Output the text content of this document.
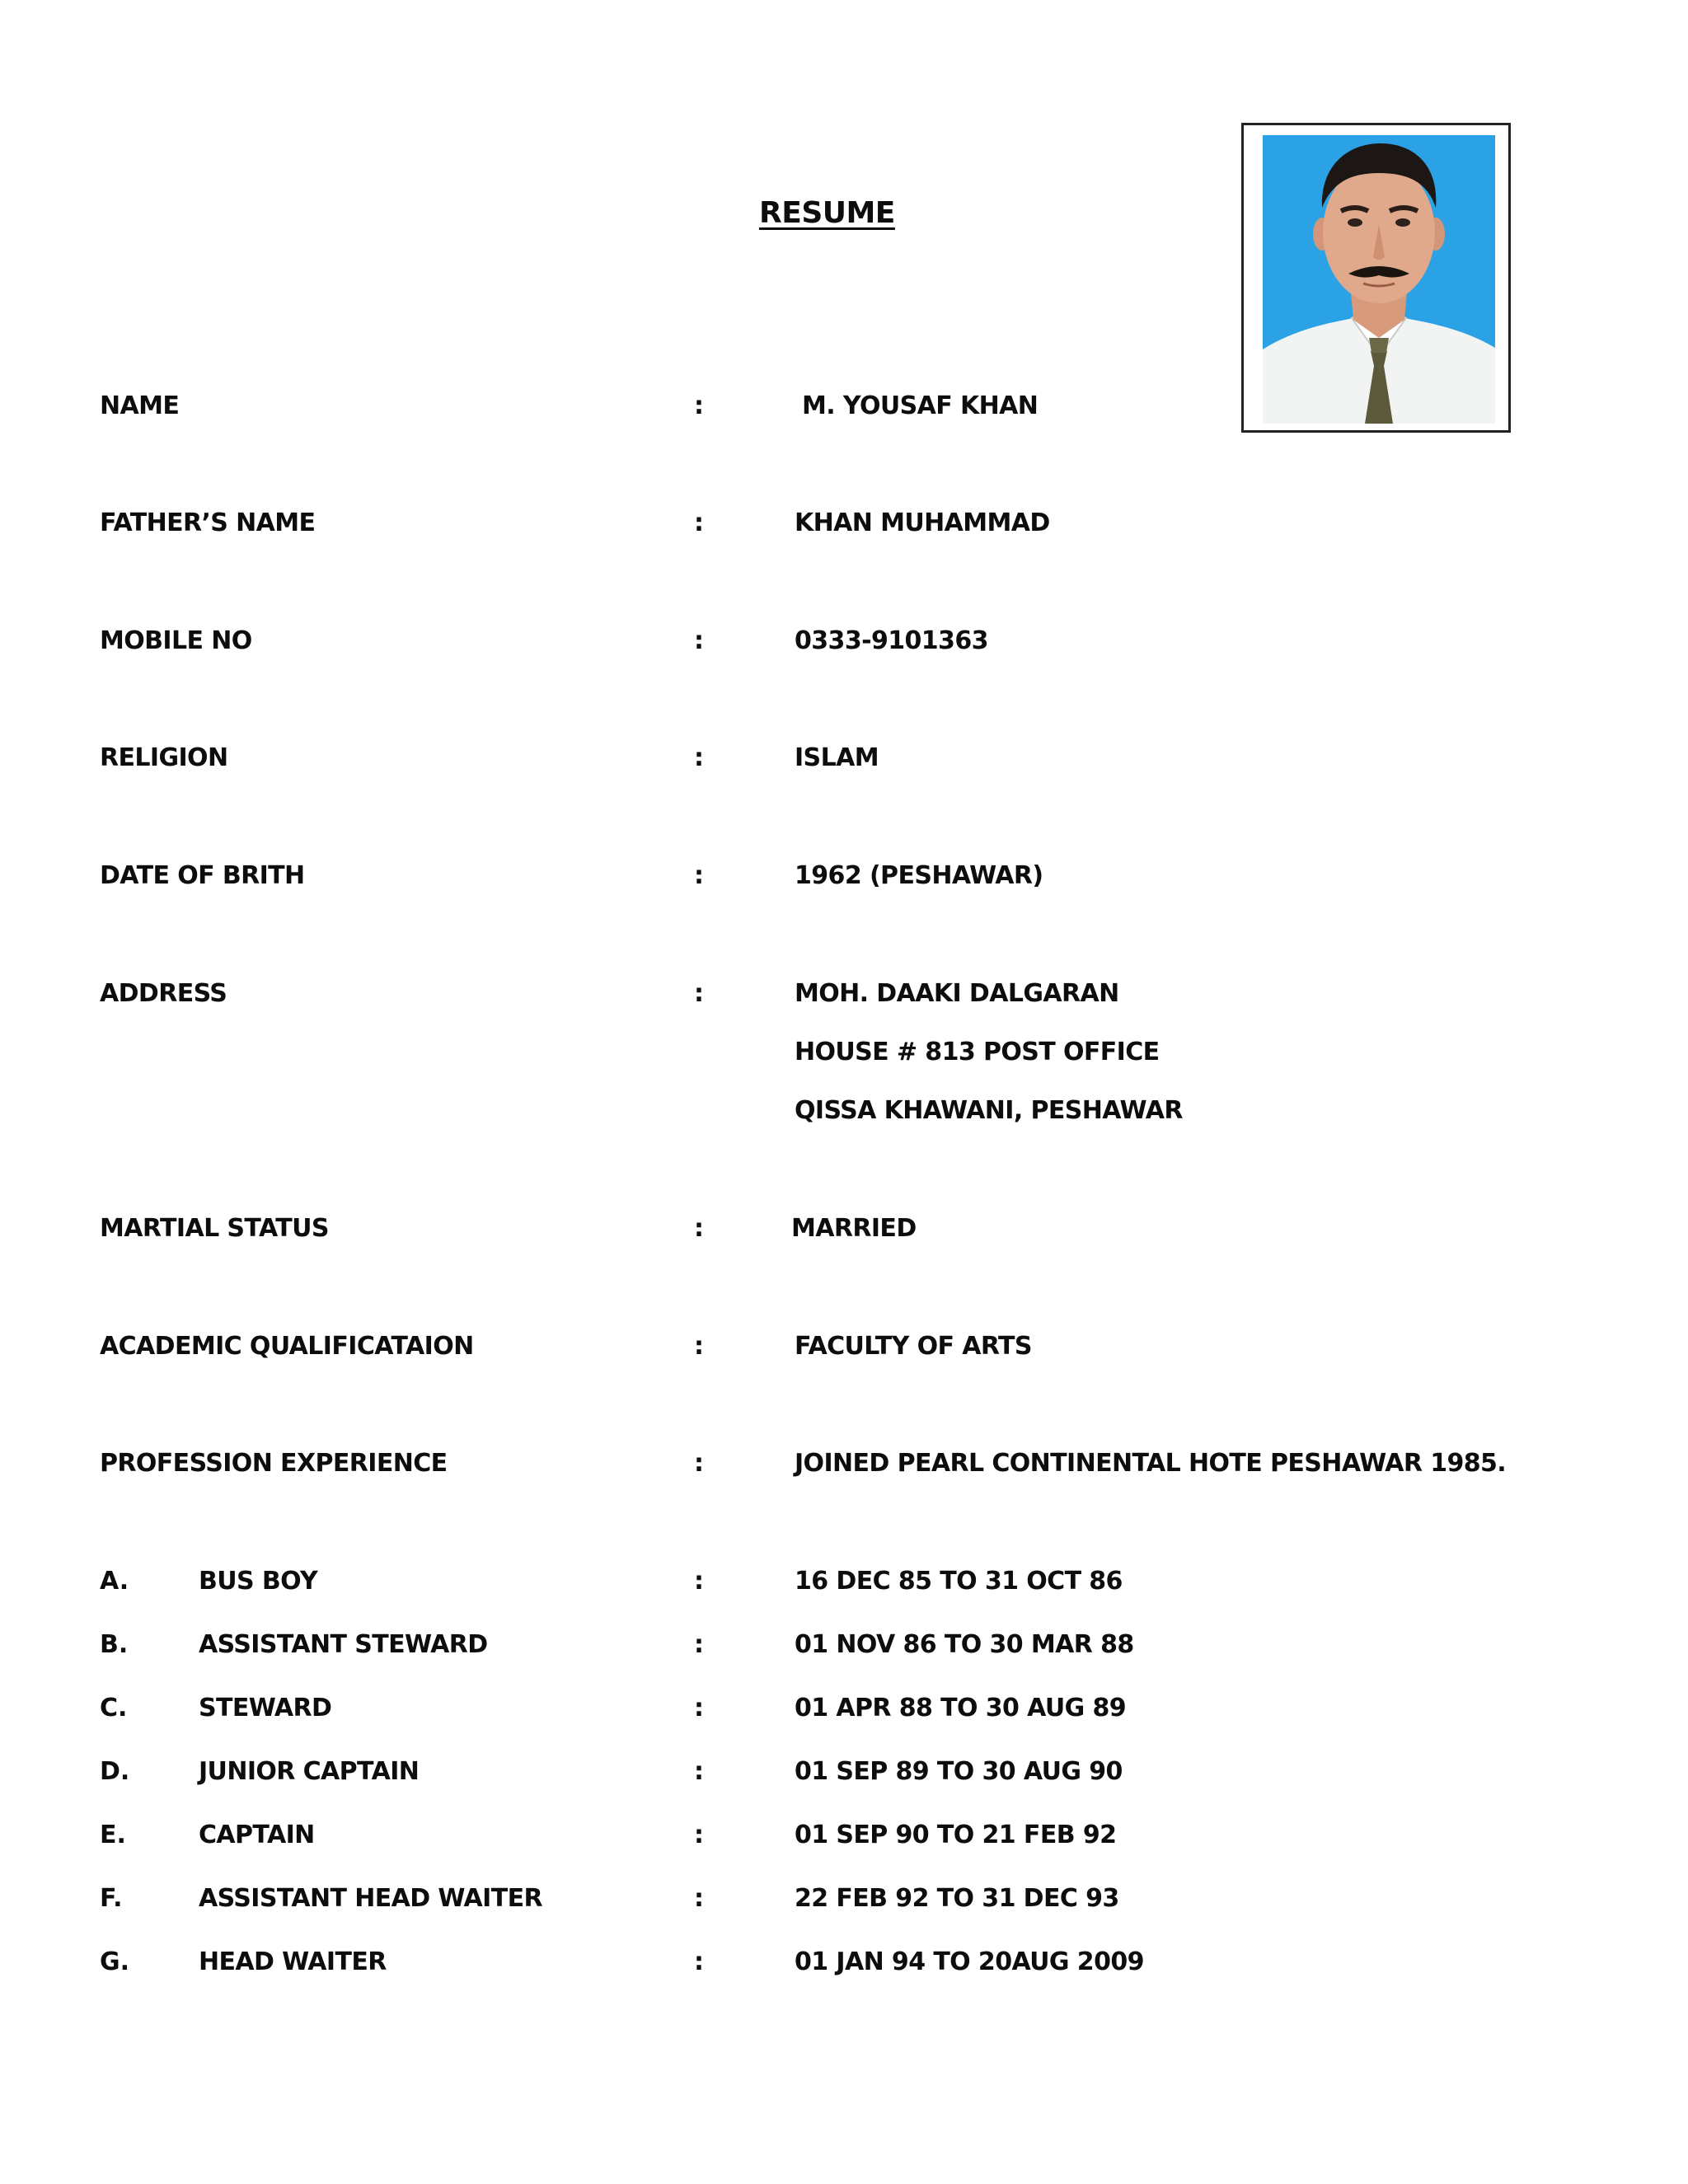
RESUME
NAME	:	M. YOUSAF KHAN
FATHER’S NAME	:	KHAN MUHAMMAD
MOBILE NO	:	0333-9101363
RELIGION	:	ISLAM
DATE OF BRITH	:	1962 (PESHAWAR)
ADDRESS	:	MOH. DAAKI DALGARAN
HOUSE # 813 POST OFFICE
QISSA KHAWANI, PESHAWAR
MARTIAL STATUS	:	MARRIED
ACADEMIC QUALIFICATAION	:	FACULTY OF ARTS
PROFESSION EXPERIENCE	:	JOINED PEARL CONTINENTAL HOTE PESHAWAR 1985.
A.	BUS BOY	:	16 DEC 85 TO 31 OCT 86
B.	ASSISTANT STEWARD	:	01 NOV 86 TO 30 MAR 88
C.	STEWARD	:	01 APR 88 TO 30 AUG 89
D.	JUNIOR CAPTAIN	:	01 SEP 89 TO 30 AUG 90
E.	CAPTAIN	:	01 SEP 90 TO 21 FEB 92
F.	ASSISTANT HEAD WAITER	:	22 FEB 92 TO 31 DEC 93
G.	HEAD WAITER	:	01 JAN 94 TO 20AUG 2009
